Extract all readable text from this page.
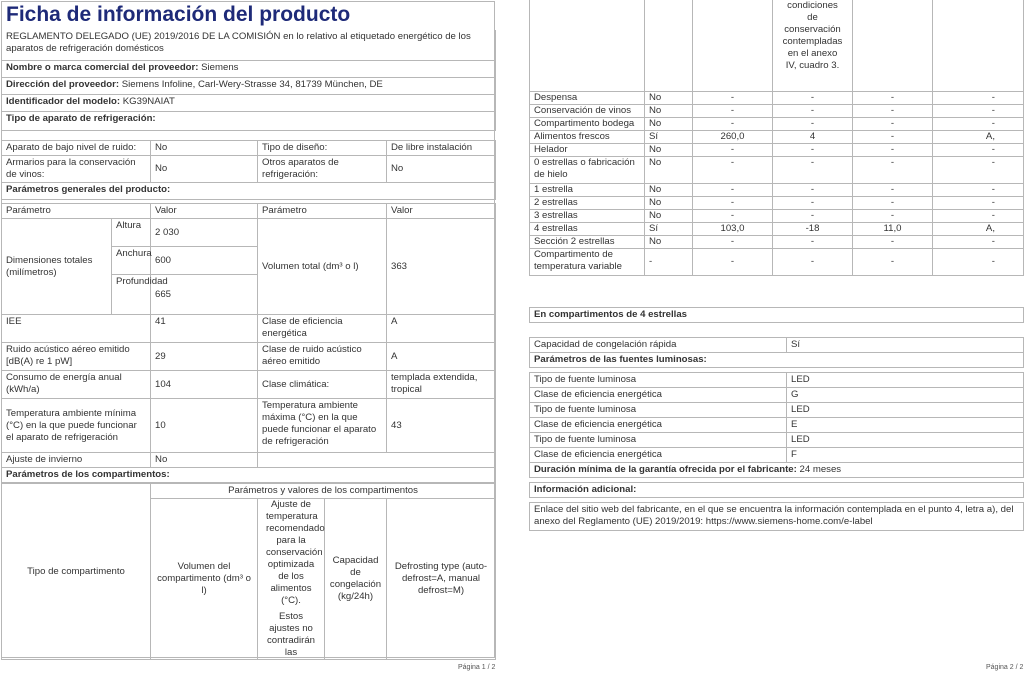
Ficha de información del producto
REGLAMENTO DELEGADO (UE) 2019/2016 DE LA COMISIÓN en lo relativo al etiquetado energético de los aparatos de refrigeración domésticos
Nombre o marca comercial del proveedor: Siemens
Dirección del proveedor: Siemens Infoline, Carl-Wery-Strasse 34, 81739 München, DE
Identificador del modelo: KG39NAIAT
Tipo de aparato de refrigeración:
Aparato de bajo nivel de ruido:	No	Tipo de diseño:	De libre instalación
Armarios para la conservación de vinos:	No	Otros aparatos de refrigeración:	No
Parámetros generales del producto:			
Parámetro		Valor	Parámetro	Valor
Dimensiones totales (milímetros)	Altura	2 030	Volumen total (dm³ o l)	363
	Anchura	600		
	Profundidad	665		
IEE		41	Clase de eficiencia energética	A
Ruido acústico aéreo emitido [dB(A) re 1 pW]		29	Clase de ruido acústico aéreo emitido	A
Consumo de energía anual (kWh/a)		104	Clase climática:	templada extendida, tropical
Temperatura ambiente mínima (°C) en la que puede funcionar el aparato de refrigeración		10	Temperatura ambiente máxima (°C) en la que puede funcionar el aparato de refrigeración	43
Ajuste de invierno		No		
Parámetros de los compartimentos:				
Tipo de compartimento	Parámetros y valores de los compartimentos			
	Volumen del compartimento (dm³ o l)	Ajuste de temperatura recomendado para la conservación optimizada de los alimentos (°C).
Estos ajustes no contradirán las	Capacidad de congelación (kg/24h)	Defrosting type (auto-defrost=A, manual defrost=M)
Página 1 / 2
			condiciones de conservación contempladas en el anexo IV, cuadro 3.		
Despensa	No	-	-	-	-
Conservación de vinos	No	-	-	-	-
Compartimento bodega	No	-	-	-	-
Alimentos frescos	Sí	260,0	4	-	A,
Helador	No	-	-	-	-
0 estrellas o fabricación de hielo	No	-	-	-	-
1 estrella	No	-	-	-	-
2 estrellas	No	-	-	-	-
3 estrellas	No	-	-	-	-
4 estrellas	Sí	103,0	-18	11,0	A,
Sección 2 estrellas	No	-	-	-	-
Compartimento de temperatura variable	-	-	-	-	-
En compartimentos de 4 estrellas	

Capacidad de congelación rápida	Sí
Parámetros de las fuentes luminosas:	

Tipo de fuente luminosa	LED
Clase de eficiencia energética	G
Tipo de fuente luminosa	LED
Clase de eficiencia energética	E
Tipo de fuente luminosa	LED
Clase de eficiencia energética	F
Duración mínima de la garantía ofrecida por el fabricante: 24 meses	

Información adicional:	

Enlace del sitio web del fabricante, en el que se encuentra la información contemplada en el punto 4, letra a), del anexo del Reglamento (UE) 2019/2019: https://www.siemens-home.com/e-label	
Página 2 / 2
